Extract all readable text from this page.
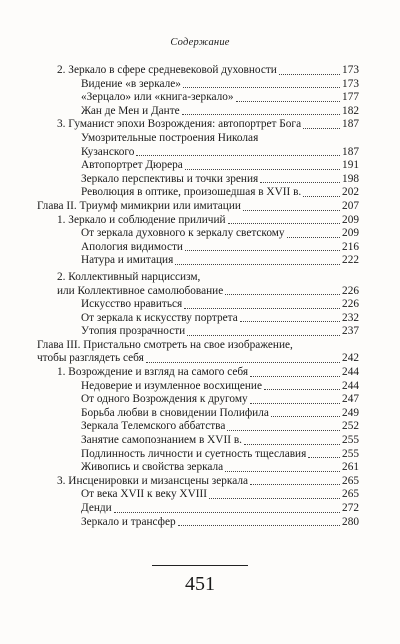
Содержание
2. Зеркало в сфере средневековой духовности	173
Видение «в зеркале»	173
«Зерцало» или «книга-зеркало»	177
Жан де Мен и Данте	182
3. Гуманист эпохи Возрождения: автопортрет Бога	187
Умозрительные построения Николая
Кузанского	187
Автопортрет Дюрера	191
Зеркало перспективы и точки зрения	198
Революция в оптике, произошедшая в XVII в.	202
Глава II. Триумф мимикрии или имитации	207
1. Зеркало и соблюдение приличий	209
От зеркала духовного к зеркалу светскому	209
Апология видимости	216
Натура и имитация	222
2. Коллективный нарциссизм,
или Коллективное самолюбование	226
Искусство нравиться	226
От зеркала к искусству портрета	232
Утопия прозрачности	237
Глава III. Пристально смотреть на свое изображение,
чтобы разглядеть себя	242
1. Возрождение и взгляд на самого себя	244
Недоверие и изумленное восхищение	244
От одного Возрождения к другому	247
Борьба любви в сновидении Полифила	249
Зеркала Телемского аббатства	252
Занятие самопознанием в XVII в.	255
Подлинность личности и суетность тщеславия	255
Живопись и свойства зеркала	261
3. Инсценировки и мизансцены зеркала	265
От века XVII к веку XVIII	265
Денди	272
Зеркало и трансфер	280
451
